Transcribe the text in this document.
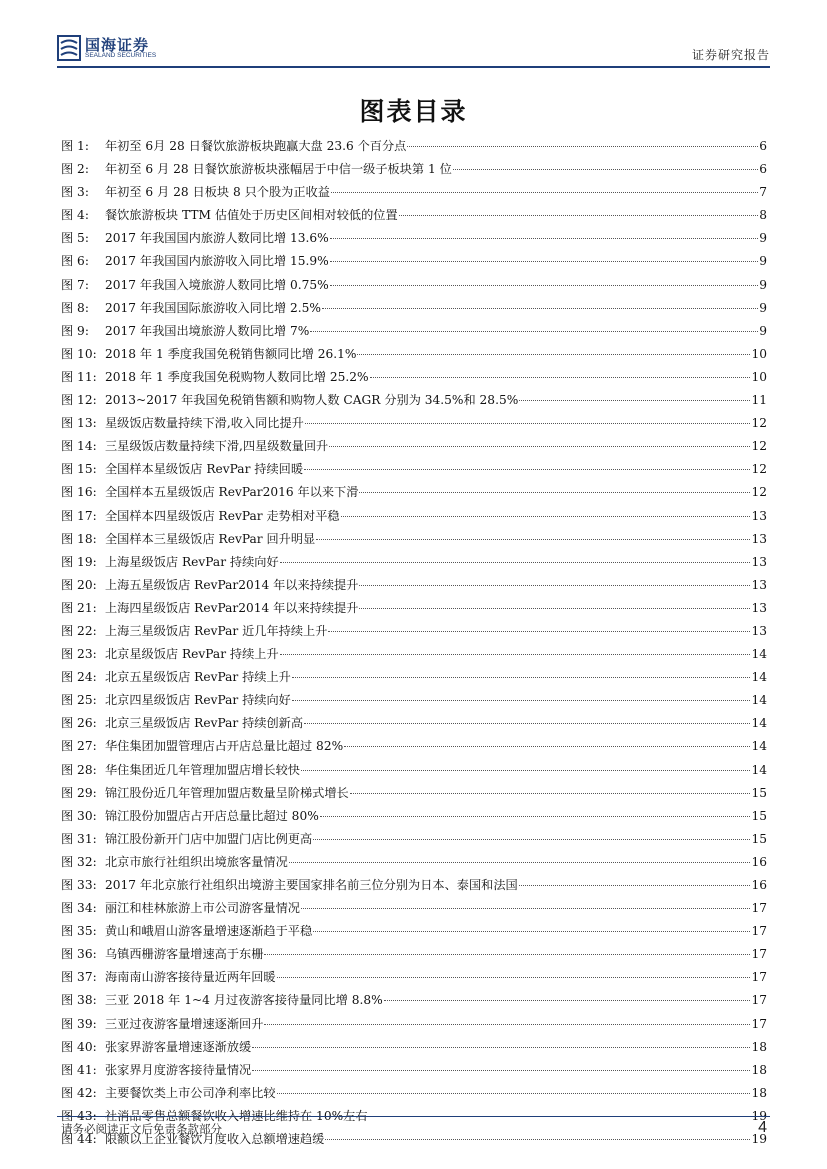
国海证券
SEALAND SECURITIES	证券研究报告
图表目录
图 1:	年初至 6月 28 日餐饮旅游板块跑赢大盘 23.6 个百分点	6
图 2:	年初至 6 月 28 日餐饮旅游板块涨幅居于中信一级子板块第 1 位	6
图 3:	年初至 6 月 28 日板块 8 只个股为正收益	7
图 4:	餐饮旅游板块 TTM 估值处于历史区间相对较低的位置	8
图 5:	2017 年我国国内旅游人数同比增 13.6%	9
图 6:	2017 年我国国内旅游收入同比增 15.9%	9
图 7:	2017 年我国入境旅游人数同比增 0.75%	9
图 8:	2017 年我国国际旅游收入同比增 2.5%	9
图 9:	2017 年我国出境旅游人数同比增 7%	9
图 10: 2018 年 1 季度我国免税销售额同比增 26.1%	10
图 11: 2018 年 1 季度我国免税购物人数同比增 25.2%	10
图 12: 2013~2017 年我国免税销售额和购物人数 CAGR 分别为 34.5%和 28.5%	11
图 13: 星级饭店数量持续下滑,收入同比提升	12
图 14: 三星级饭店数量持续下滑,四星级数量回升	12
图 15: 全国样本星级饭店 RevPar 持续回暖	12
图 16: 全国样本五星级饭店 RevPar2016 年以来下滑	12
图 17: 全国样本四星级饭店 RevPar 走势相对平稳	13
图 18: 全国样本三星级饭店 RevPar 回升明显	13
图 19: 上海星级饭店 RevPar 持续向好	13
图 20: 上海五星级饭店 RevPar2014 年以来持续提升	13
图 21: 上海四星级饭店 RevPar2014 年以来持续提升	13
图 22: 上海三星级饭店 RevPar 近几年持续上升	13
图 23: 北京星级饭店 RevPar 持续上升	14
图 24: 北京五星级饭店 RevPar 持续上升	14
图 25: 北京四星级饭店 RevPar 持续向好	14
图 26: 北京三星级饭店 RevPar 持续创新高	14
图 27: 华住集团加盟管理店占开店总量比超过 82%	14
图 28: 华住集团近几年管理加盟店增长较快	14
图 29: 锦江股份近几年管理加盟店数量呈阶梯式增长	15
图 30: 锦江股份加盟店占开店总量比超过 80%	15
图 31: 锦江股份新开门店中加盟门店比例更高	15
图 32: 北京市旅行社组织出境旅客量情况	16
图 33: 2017 年北京旅行社组织出境游主要国家排名前三位分别为日本、泰国和法国	16
图 34: 丽江和桂林旅游上市公司游客量情况	17
图 35: 黄山和峨眉山游客量增速逐渐趋于平稳	17
图 36: 乌镇西栅游客量增速高于东栅	17
图 37: 海南南山游客接待量近两年回暖	17
图 38: 三亚 2018 年 1~4 月过夜游客接待量同比增 8.8%	17
图 39: 三亚过夜游客量增速逐渐回升	17
图 40: 张家界游客量增速逐渐放缓	18
图 41: 张家界月度游客接待量情况	18
图 42: 主要餐饮类上市公司净利率比较	18
图 43: 社消品零售总额餐饮收入增速比维持在 10%左右	19
图 44: 限额以上企业餐饮月度收入总额增速趋缓	19
请务必阅读正文后免责条款部分	4
